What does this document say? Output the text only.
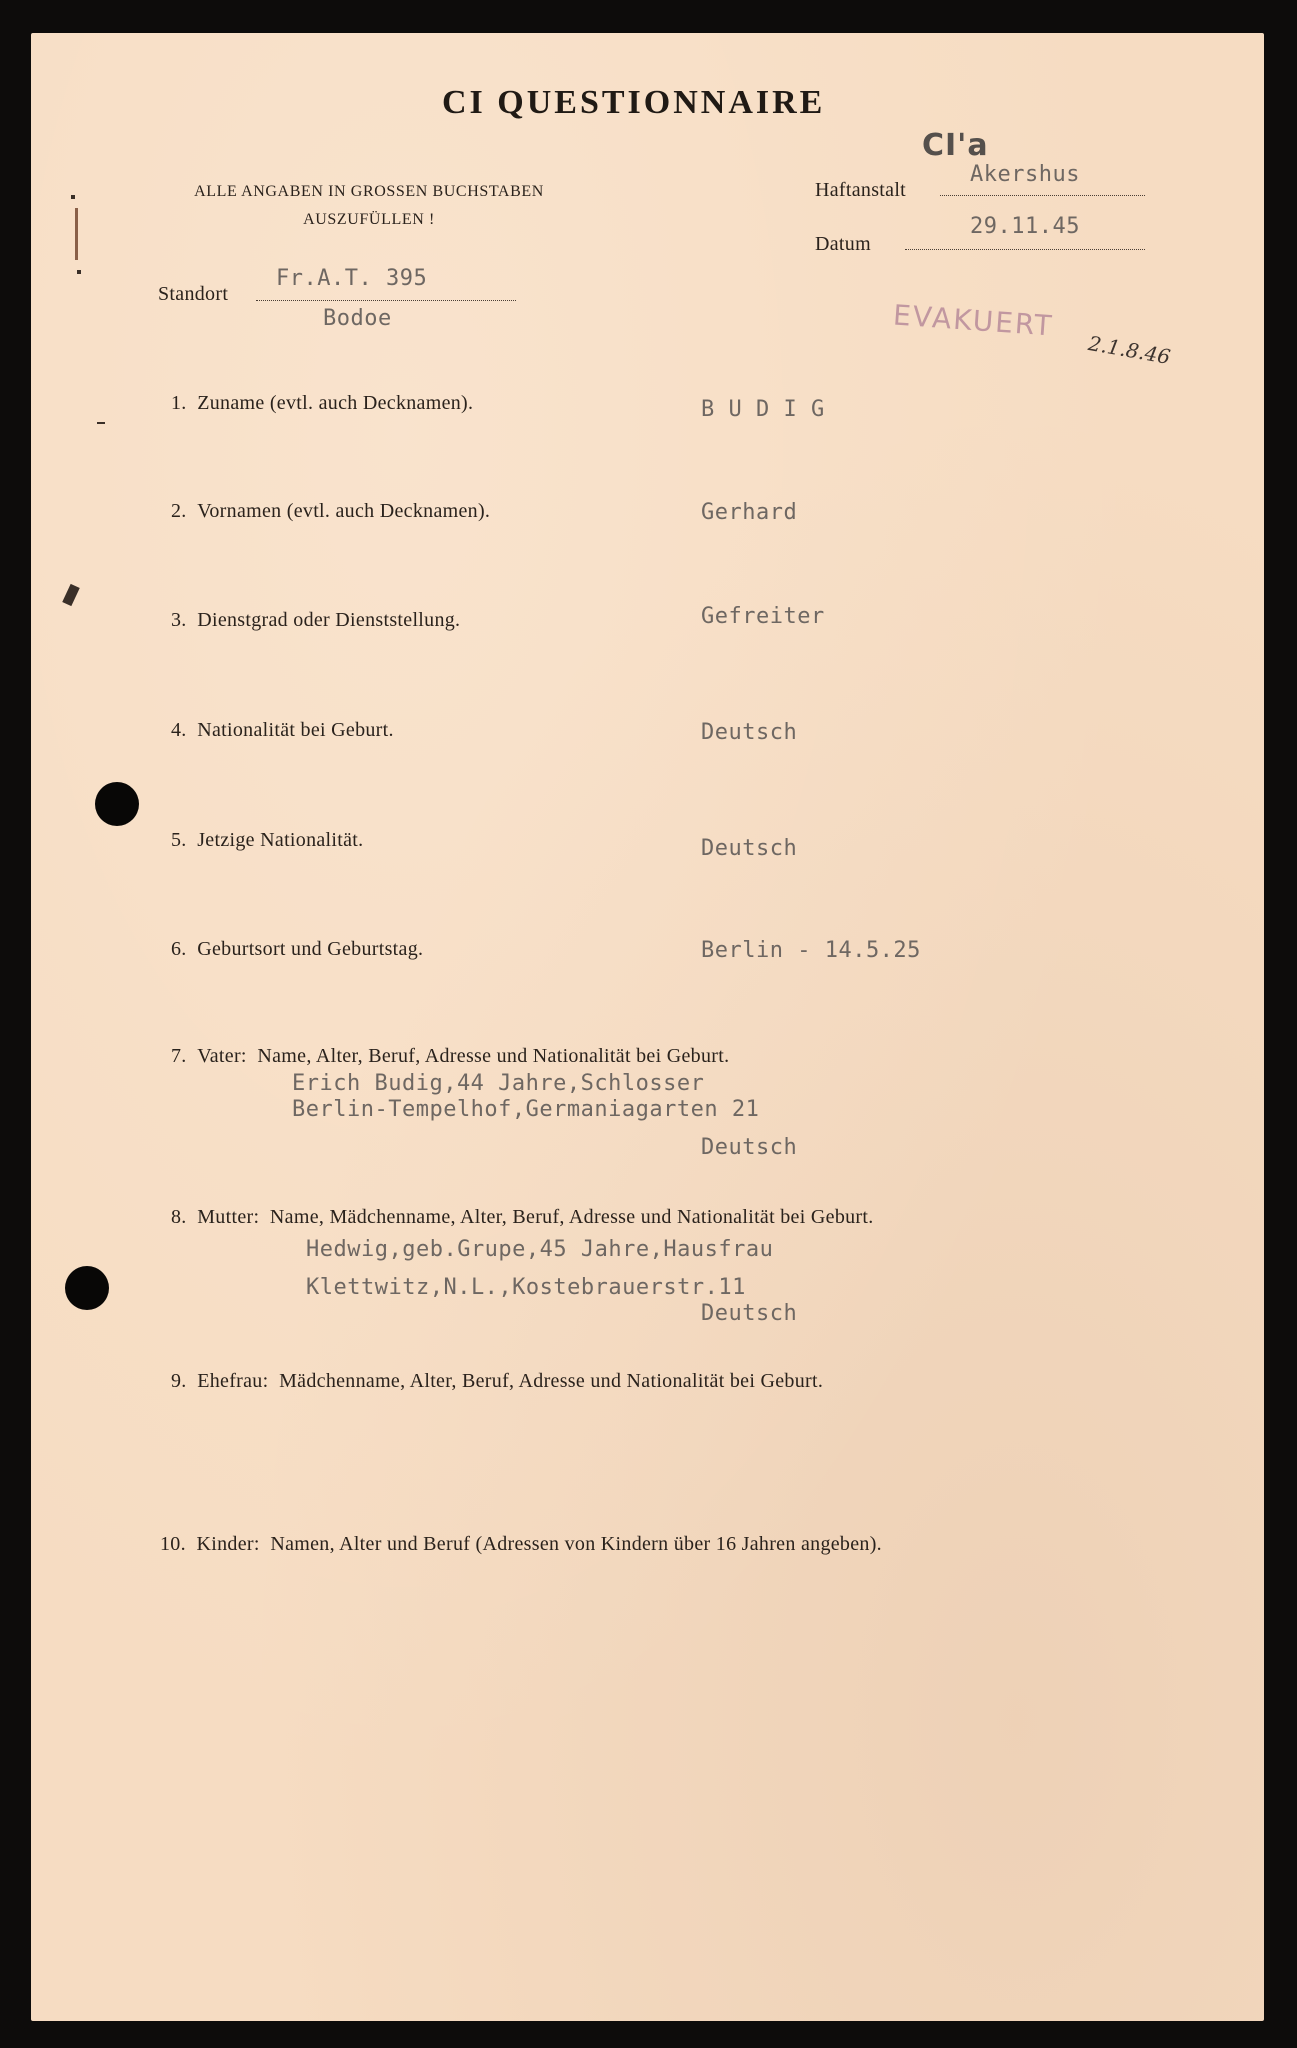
CI QUESTIONNAIRE
ALLE ANGABEN IN GROSSEN BUCHSTABEN
AUSZUFÜLLEN !
CI'a
Haftanstalt
Akershus
Datum
29.11.45
Standort
Fr.A.T. 395
Bodoe	EVAKUERT
2.1.8.46
1. Zuname (evtl. auch Decknamen).	B U D I G
2. Vornamen (evtl. auch Decknamen).	Gerhard
3. Dienstgrad oder Dienststellung.	Gefreiter
4. Nationalität bei Geburt.	Deutsch
5. Jetzige Nationalität.	Deutsch
6. Geburtsort und Geburtstag.	Berlin - 14.5.25
7. Vater: Name, Alter, Beruf, Adresse und Nationalität bei Geburt.
Erich Budig,44 Jahre,Schlosser
Berlin-Tempelhof,Germaniagarten 21
Deutsch
8. Mutter: Name, Mädchenname, Alter, Beruf, Adresse und Nationalität bei Geburt.
Hedwig,geb.Grupe,45 Jahre,Hausfrau
Klettwitz,N.L.,Kostebrauerstr.11
Deutsch
9. Ehefrau: Mädchenname, Alter, Beruf, Adresse und Nationalität bei Geburt.
10. Kinder: Namen, Alter und Beruf (Adressen von Kindern über 16 Jahren angeben).
